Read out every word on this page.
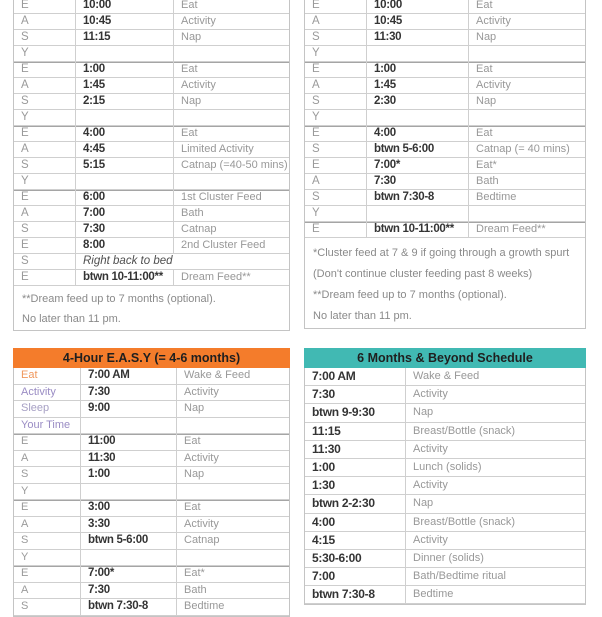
E	10:00	Eat
A	10:45	Activity
S	11:15	Nap
Y
E	1:00	Eat
A	1:45	Activity
S	2:15	Nap
Y
E	4:00	Eat
A	4:45	Limited Activity
S	5:15	Catnap (=40-50 mins)
Y
E	6:00	1st Cluster Feed
A	7:00	Bath
S	7:30	Catnap
E	8:00	2nd Cluster Feed
S	Right back to bed
E	btwn 10-11:00**	Dream Feed**
**Dream feed up to 7 months (optional).
No later than 11 pm.
E	10:00	Eat
A	10:45	Activity
S	11:30	Nap
Y
E	1:00	Eat
A	1:45	Activity
S	2:30	Nap
Y
E	4:00	Eat
S	btwn 5-6:00	Catnap (= 40 mins)
E	7:00*	Eat*
A	7:30	Bath
S	btwn 7:30-8	Bedtime
Y
E	btwn 10-11:00**	Dream Feed**
*Cluster feed at 7 & 9 if going through a growth spurt
(Don't continue cluster feeding past 8 weeks)
**Dream feed up to 7 months (optional).
No later than 11 pm.
4-Hour E.A.S.Y (= 4-6 months)
Eat	7:00 AM	Wake & Feed
Activity	7:30	Activity
Sleep	9:00	Nap
Your Time
E	11:00	Eat
A	11:30	Activity
S	1:00	Nap
Y
E	3:00	Eat
A	3:30	Activity
S	btwn 5-6:00	Catnap
Y
E	7:00*	Eat*
A	7:30	Bath
S	btwn 7:30-8	Bedtime
6 Months & Beyond Schedule
7:00 AM	Wake & Feed
7:30	Activity
btwn 9-9:30	Nap
11:15	Breast/Bottle (snack)
11:30	Activity
1:00	Lunch (solids)
1:30	Activity
btwn 2-2:30	Nap
4:00	Breast/Bottle (snack)
4:15	Activity
5:30-6:00	Dinner (solids)
7:00	Bath/Bedtime ritual
btwn 7:30-8	Bedtime
